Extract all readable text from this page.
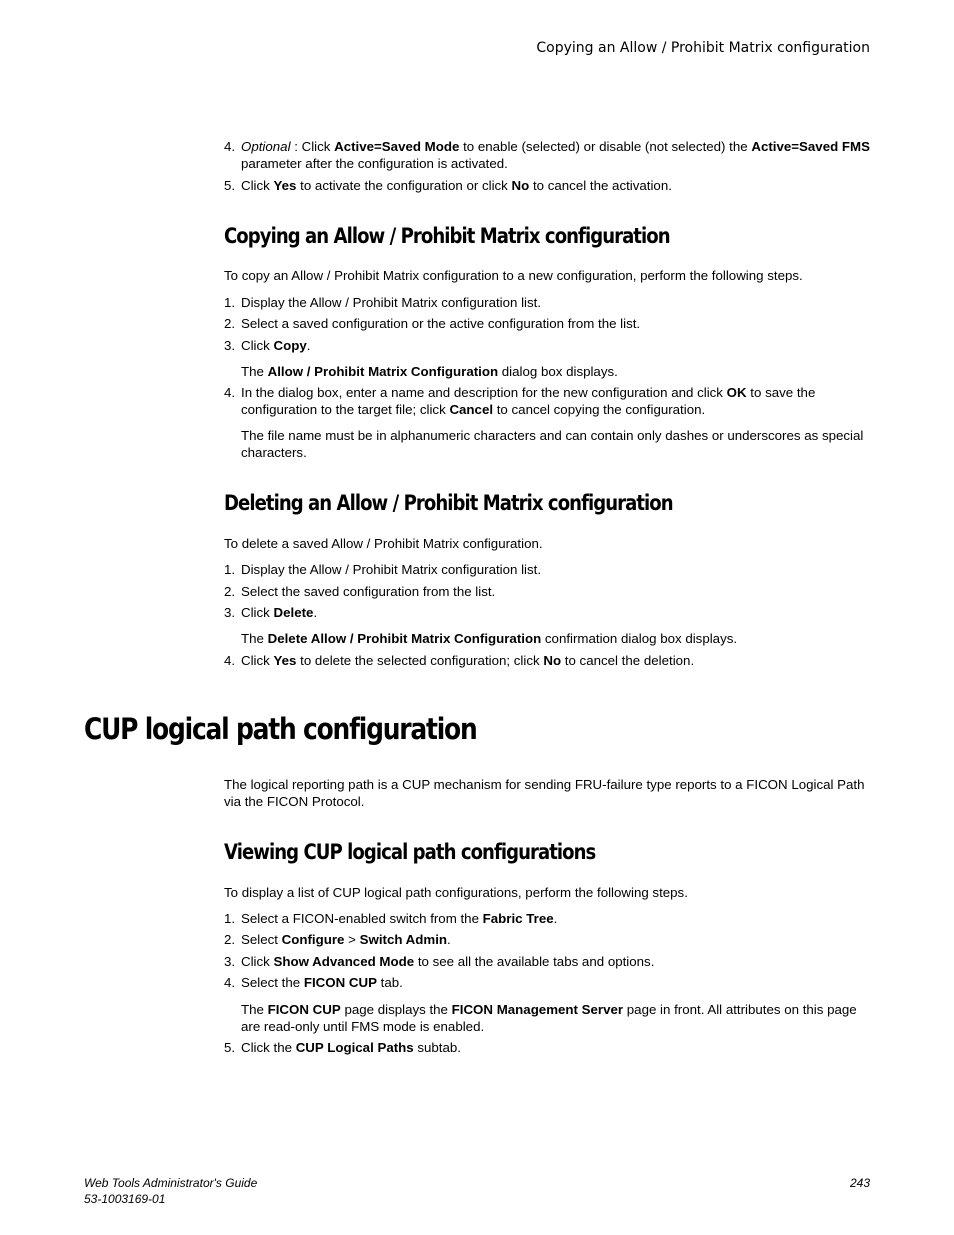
Copying an Allow / Prohibit Matrix configuration
4. Optional : Click Active=Saved Mode to enable (selected) or disable (not selected) the Active=Saved FMS parameter after the configuration is activated.
5. Click Yes to activate the configuration or click No to cancel the activation.
Copying an Allow / Prohibit Matrix configuration
To copy an Allow / Prohibit Matrix configuration to a new configuration, perform the following steps.
1. Display the Allow / Prohibit Matrix configuration list.
2. Select a saved configuration or the active configuration from the list.
3. Click Copy.
The Allow / Prohibit Matrix Configuration dialog box displays.
4. In the dialog box, enter a name and description for the new configuration and click OK to save the configuration to the target file; click Cancel to cancel copying the configuration.
The file name must be in alphanumeric characters and can contain only dashes or underscores as special characters.
Deleting an Allow / Prohibit Matrix configuration
To delete a saved Allow / Prohibit Matrix configuration.
1. Display the Allow / Prohibit Matrix configuration list.
2. Select the saved configuration from the list.
3. Click Delete.
The Delete Allow / Prohibit Matrix Configuration confirmation dialog box displays.
4. Click Yes to delete the selected configuration; click No to cancel the deletion.
CUP logical path configuration
The logical reporting path is a CUP mechanism for sending FRU-failure type reports to a FICON Logical Path via the FICON Protocol.
Viewing CUP logical path configurations
To display a list of CUP logical path configurations, perform the following steps.
1. Select a FICON-enabled switch from the Fabric Tree.
2. Select Configure > Switch Admin.
3. Click Show Advanced Mode to see all the available tabs and options.
4. Select the FICON CUP tab.
The FICON CUP page displays the FICON Management Server page in front. All attributes on this page are read-only until FMS mode is enabled.
5. Click the CUP Logical Paths subtab.
Web Tools Administrator's Guide
53-1003169-01
243
